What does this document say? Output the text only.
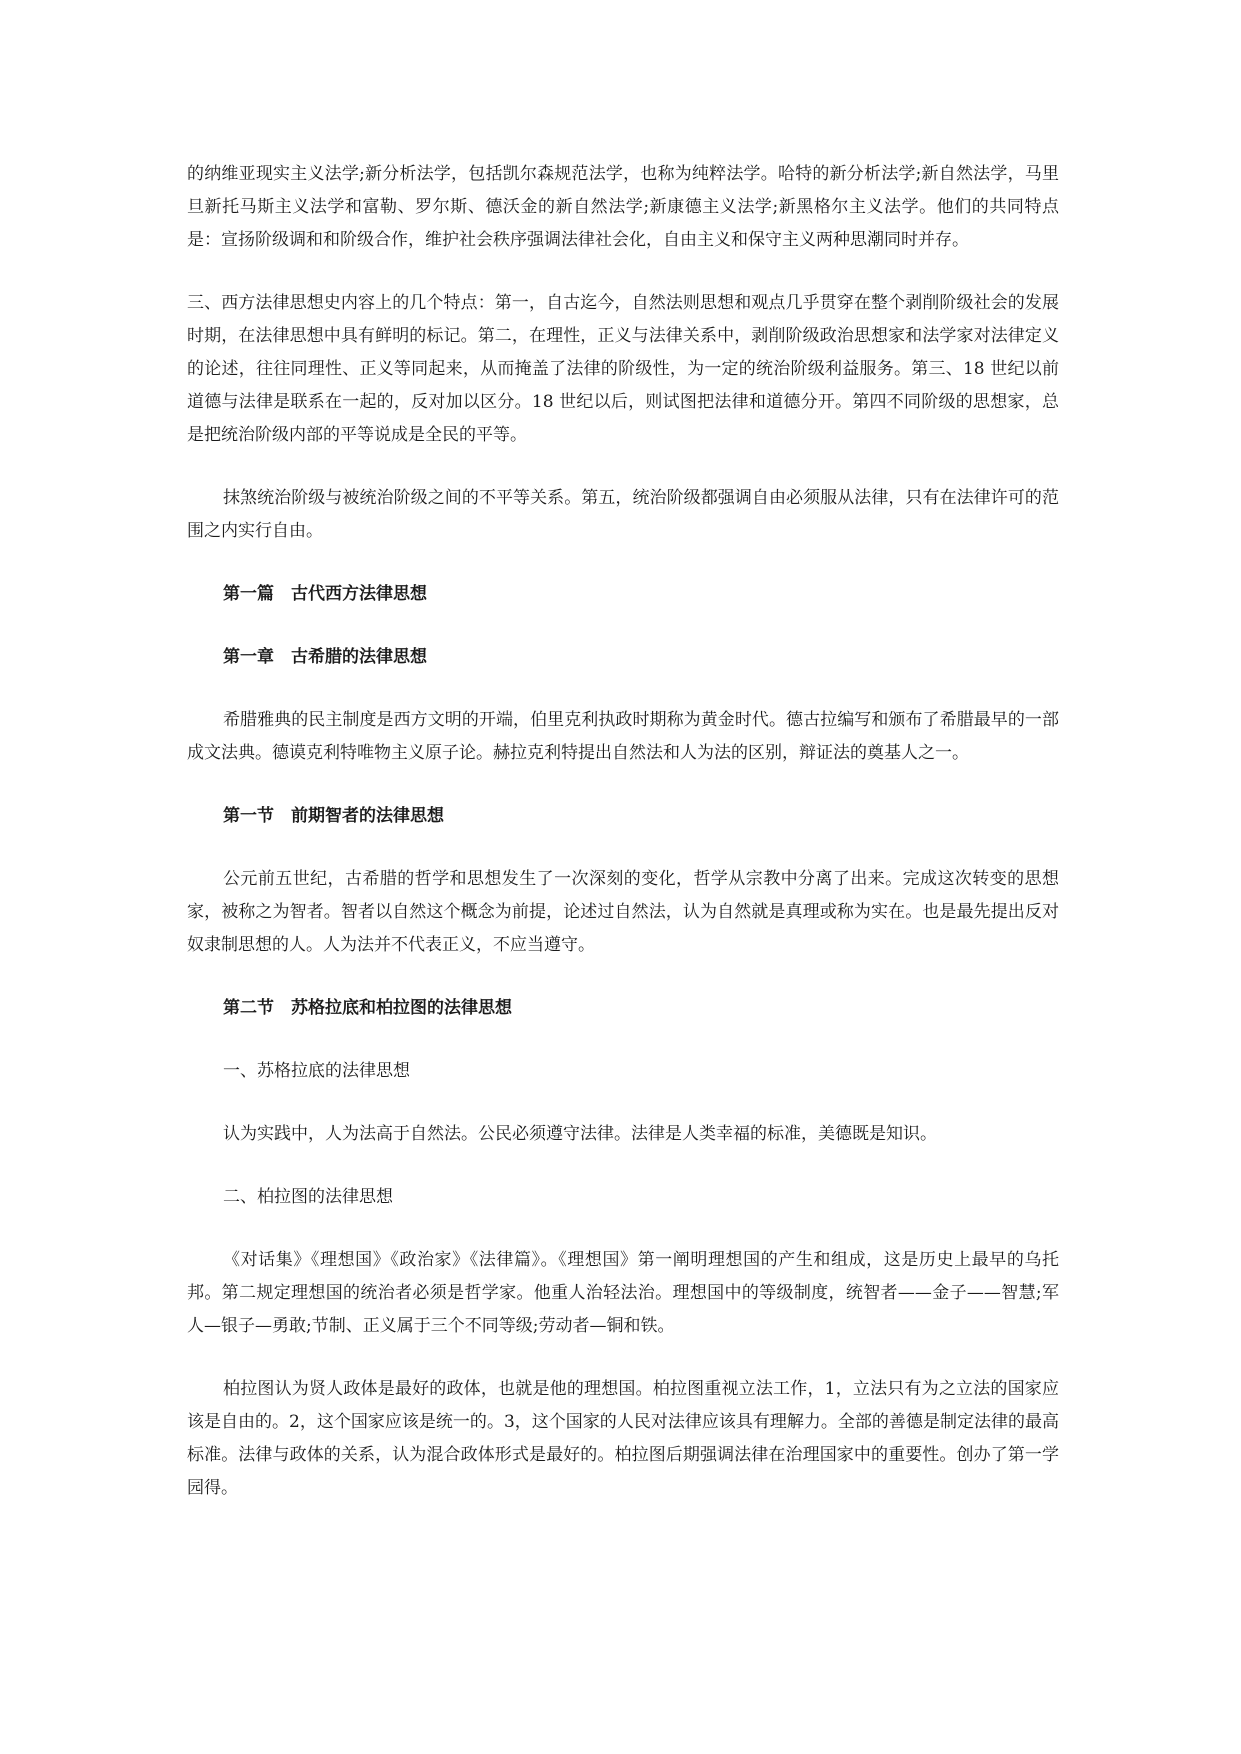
的纳维亚现实主义法学;新分析法学，包括凯尔森规范法学，也称为纯粹法学。哈特的新分析法学;新自然法学，马里旦新托马斯主义法学和富勒、罗尔斯、德沃金的新自然法学;新康德主义法学;新黑格尔主义法学。他们的共同特点是：宣扬阶级调和和阶级合作，维护社会秩序强调法律社会化，自由主义和保守主义两种思潮同时并存。

三、西方法律思想史内容上的几个特点：第一，自古迄今，自然法则思想和观点几乎贯穿在整个剥削阶级社会的发展时期，在法律思想中具有鲜明的标记。第二，在理性，正义与法律关系中，剥削阶级政治思想家和法学家对法律定义的论述，往往同理性、正义等同起来，从而掩盖了法律的阶级性，为一定的统治阶级利益服务。第三、18 世纪以前道德与法律是联系在一起的，反对加以区分。18 世纪以后，则试图把法律和道德分开。第四不同阶级的思想家，总是把统治阶级内部的平等说成是全民的平等。

抹煞统治阶级与被统治阶级之间的不平等关系。第五，统治阶级都强调自由必须服从法律，只有在法律许可的范围之内实行自由。

第一篇　古代西方法律思想
第一章　古希腊的法律思想

希腊雅典的民主制度是西方文明的开端，伯里克利执政时期称为黄金时代。德古拉编写和颁布了希腊最早的一部成文法典。德谟克利特唯物主义原子论。赫拉克利特提出自然法和人为法的区别，辩证法的奠基人之一。

第一节　前期智者的法律思想

公元前五世纪，古希腊的哲学和思想发生了一次深刻的变化，哲学从宗教中分离了出来。完成这次转变的思想家，被称之为智者。智者以自然这个概念为前提，论述过自然法，认为自然就是真理或称为实在。也是最先提出反对奴隶制思想的人。人为法并不代表正义，不应当遵守。

第二节　苏格拉底和柏拉图的法律思想
一、苏格拉底的法律思想

认为实践中，人为法高于自然法。公民必须遵守法律。法律是人类幸福的标准，美德既是知识。

二、柏拉图的法律思想

《对话集》《理想国》《政治家》《法律篇》。《理想国》第一阐明理想国的产生和组成，这是历史上最早的乌托邦。第二规定理想国的统治者必须是哲学家。他重人治轻法治。理想国中的等级制度，统智者——金子——智慧;军人—银子—勇敢;节制、正义属于三个不同等级;劳动者—铜和铁。

柏拉图认为贤人政体是最好的政体，也就是他的理想国。柏拉图重视立法工作，1，立法只有为之立法的国家应该是自由的。2，这个国家应该是统一的。3，这个国家的人民对法律应该具有理解力。全部的善德是制定法律的最高标准。法律与政体的关系，认为混合政体形式是最好的。柏拉图后期强调法律在治理国家中的重要性。创办了第一学园得。
